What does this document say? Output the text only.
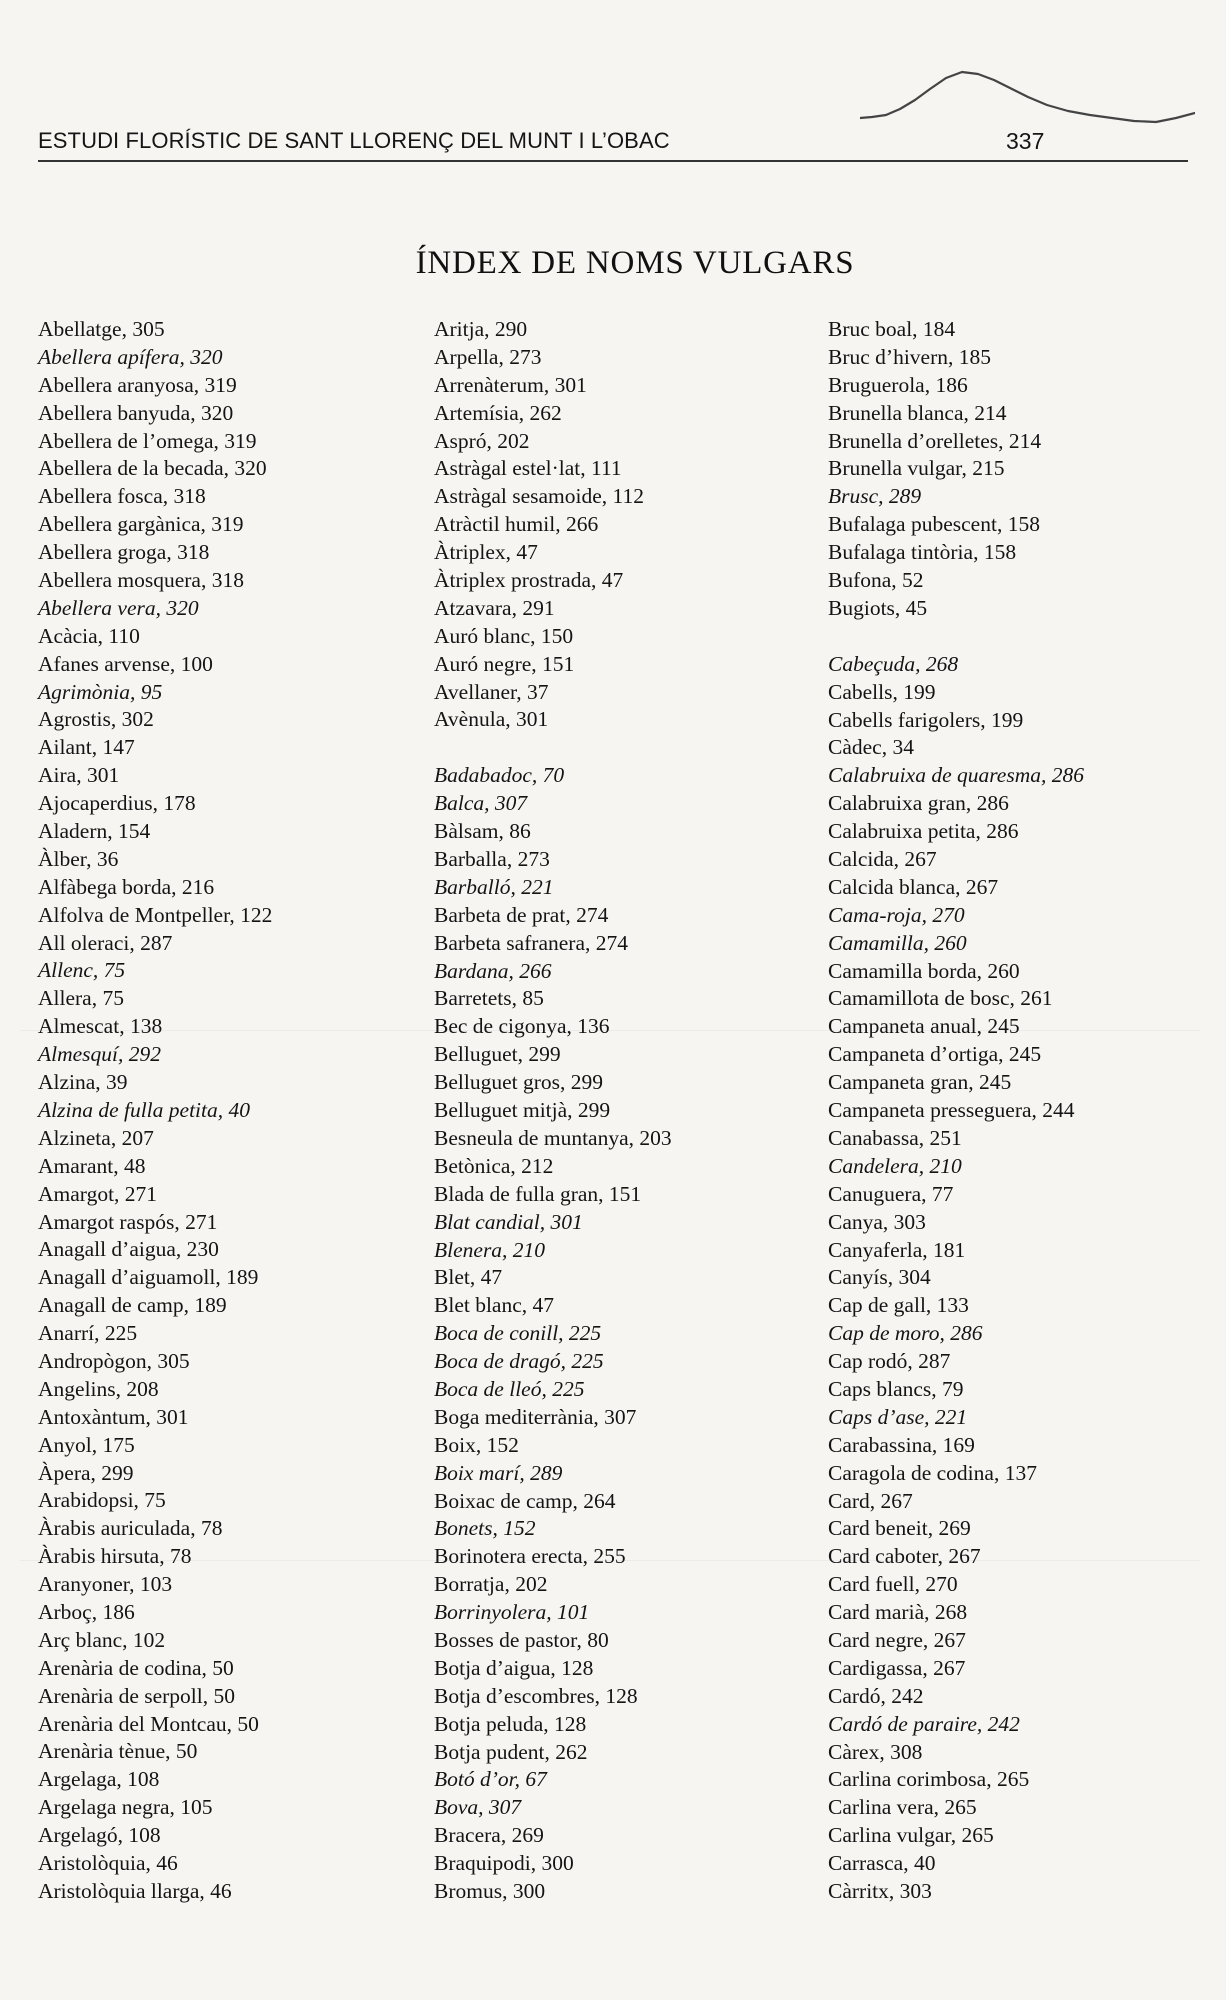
ESTUDI FLORÍSTIC DE SANT LLORENÇ DEL MUNT I L’OBAC	337
ÍNDEX DE NOMS VULGARS
Abellatge, 305
Abellera apífera, 320
Abellera aranyosa, 319
Abellera banyuda, 320
Abellera de l’omega, 319
Abellera de la becada, 320
Abellera fosca, 318
Abellera gargànica, 319
Abellera groga, 318
Abellera mosquera, 318
Abellera vera, 320
Acàcia, 110
Afanes arvense, 100
Agrimònia, 95
Agrostis, 302
Ailant, 147
Aira, 301
Ajocaperdius, 178
Aladern, 154
Àlber, 36
Alfàbega borda, 216
Alfolva de Montpeller, 122
All oleraci, 287
Allenc, 75
Allera, 75
Almescat, 138
Almesquí, 292
Alzina, 39
Alzina de fulla petita, 40
Alzineta, 207
Amarant, 48
Amargot, 271
Amargot raspós, 271
Anagall d’aigua, 230
Anagall d’aiguamoll, 189
Anagall de camp, 189
Anarrí, 225
Andropògon, 305
Angelins, 208
Antoxàntum, 301
Anyol, 175
Àpera, 299
Arabidopsi, 75
Àrabis auriculada, 78
Àrabis hirsuta, 78
Aranyoner, 103
Arboç, 186
Arç blanc, 102
Arenària de codina, 50
Arenària de serpoll, 50
Arenària del Montcau, 50
Arenària tènue, 50
Argelaga, 108
Argelaga negra, 105
Argelagó, 108
Aristolòquia, 46
Aristolòquia llarga, 46
Aritja, 290
Arpella, 273
Arrenàterum, 301
Artemísia, 262
Aspró, 202
Astràgal estel·lat, 111
Astràgal sesamoide, 112
Atràctil humil, 266
Àtriplex, 47
Àtriplex prostrada, 47
Atzavara, 291
Auró blanc, 150
Auró negre, 151
Avellaner, 37
Avènula, 301
Badabadoc, 70
Balca, 307
Bàlsam, 86
Barballa, 273
Barballó, 221
Barbeta de prat, 274
Barbeta safranera, 274
Bardana, 266
Barretets, 85
Bec de cigonya, 136
Belluguet, 299
Belluguet gros, 299
Belluguet mitjà, 299
Besneula de muntanya, 203
Betònica, 212
Blada de fulla gran, 151
Blat candial, 301
Blenera, 210
Blet, 47
Blet blanc, 47
Boca de conill, 225
Boca de dragó, 225
Boca de lleó, 225
Boga mediterrània, 307
Boix, 152
Boix marí, 289
Boixac de camp, 264
Bonets, 152
Borinotera erecta, 255
Borratja, 202
Borrinyolera, 101
Bosses de pastor, 80
Botja d’aigua, 128
Botja d’escombres, 128
Botja peluda, 128
Botja pudent, 262
Botó d’or, 67
Bova, 307
Bracera, 269
Braquipodi, 300
Bromus, 300
Bruc boal, 184
Bruc d’hivern, 185
Bruguerola, 186
Brunella blanca, 214
Brunella d’orelletes, 214
Brunella vulgar, 215
Brusc, 289
Bufalaga pubescent, 158
Bufalaga tintòria, 158
Bufona, 52
Bugiots, 45
Cabeçuda, 268
Cabells, 199
Cabells farigolers, 199
Càdec, 34
Calabruixa de quaresma, 286
Calabruixa gran, 286
Calabruixa petita, 286
Calcida, 267
Calcida blanca, 267
Cama-roja, 270
Camamilla, 260
Camamilla borda, 260
Camamillota de bosc, 261
Campaneta anual, 245
Campaneta d’ortiga, 245
Campaneta gran, 245
Campaneta presseguera, 244
Canabassa, 251
Candelera, 210
Canuguera, 77
Canya, 303
Canyaferla, 181
Canyís, 304
Cap de gall, 133
Cap de moro, 286
Cap rodó, 287
Caps blancs, 79
Caps d’ase, 221
Carabassina, 169
Caragola de codina, 137
Card, 267
Card beneit, 269
Card caboter, 267
Card fuell, 270
Card marià, 268
Card negre, 267
Cardigassa, 267
Cardó, 242
Cardó de paraire, 242
Càrex, 308
Carlina corimbosa, 265
Carlina vera, 265
Carlina vulgar, 265
Carrasca, 40
Càrritx, 303
